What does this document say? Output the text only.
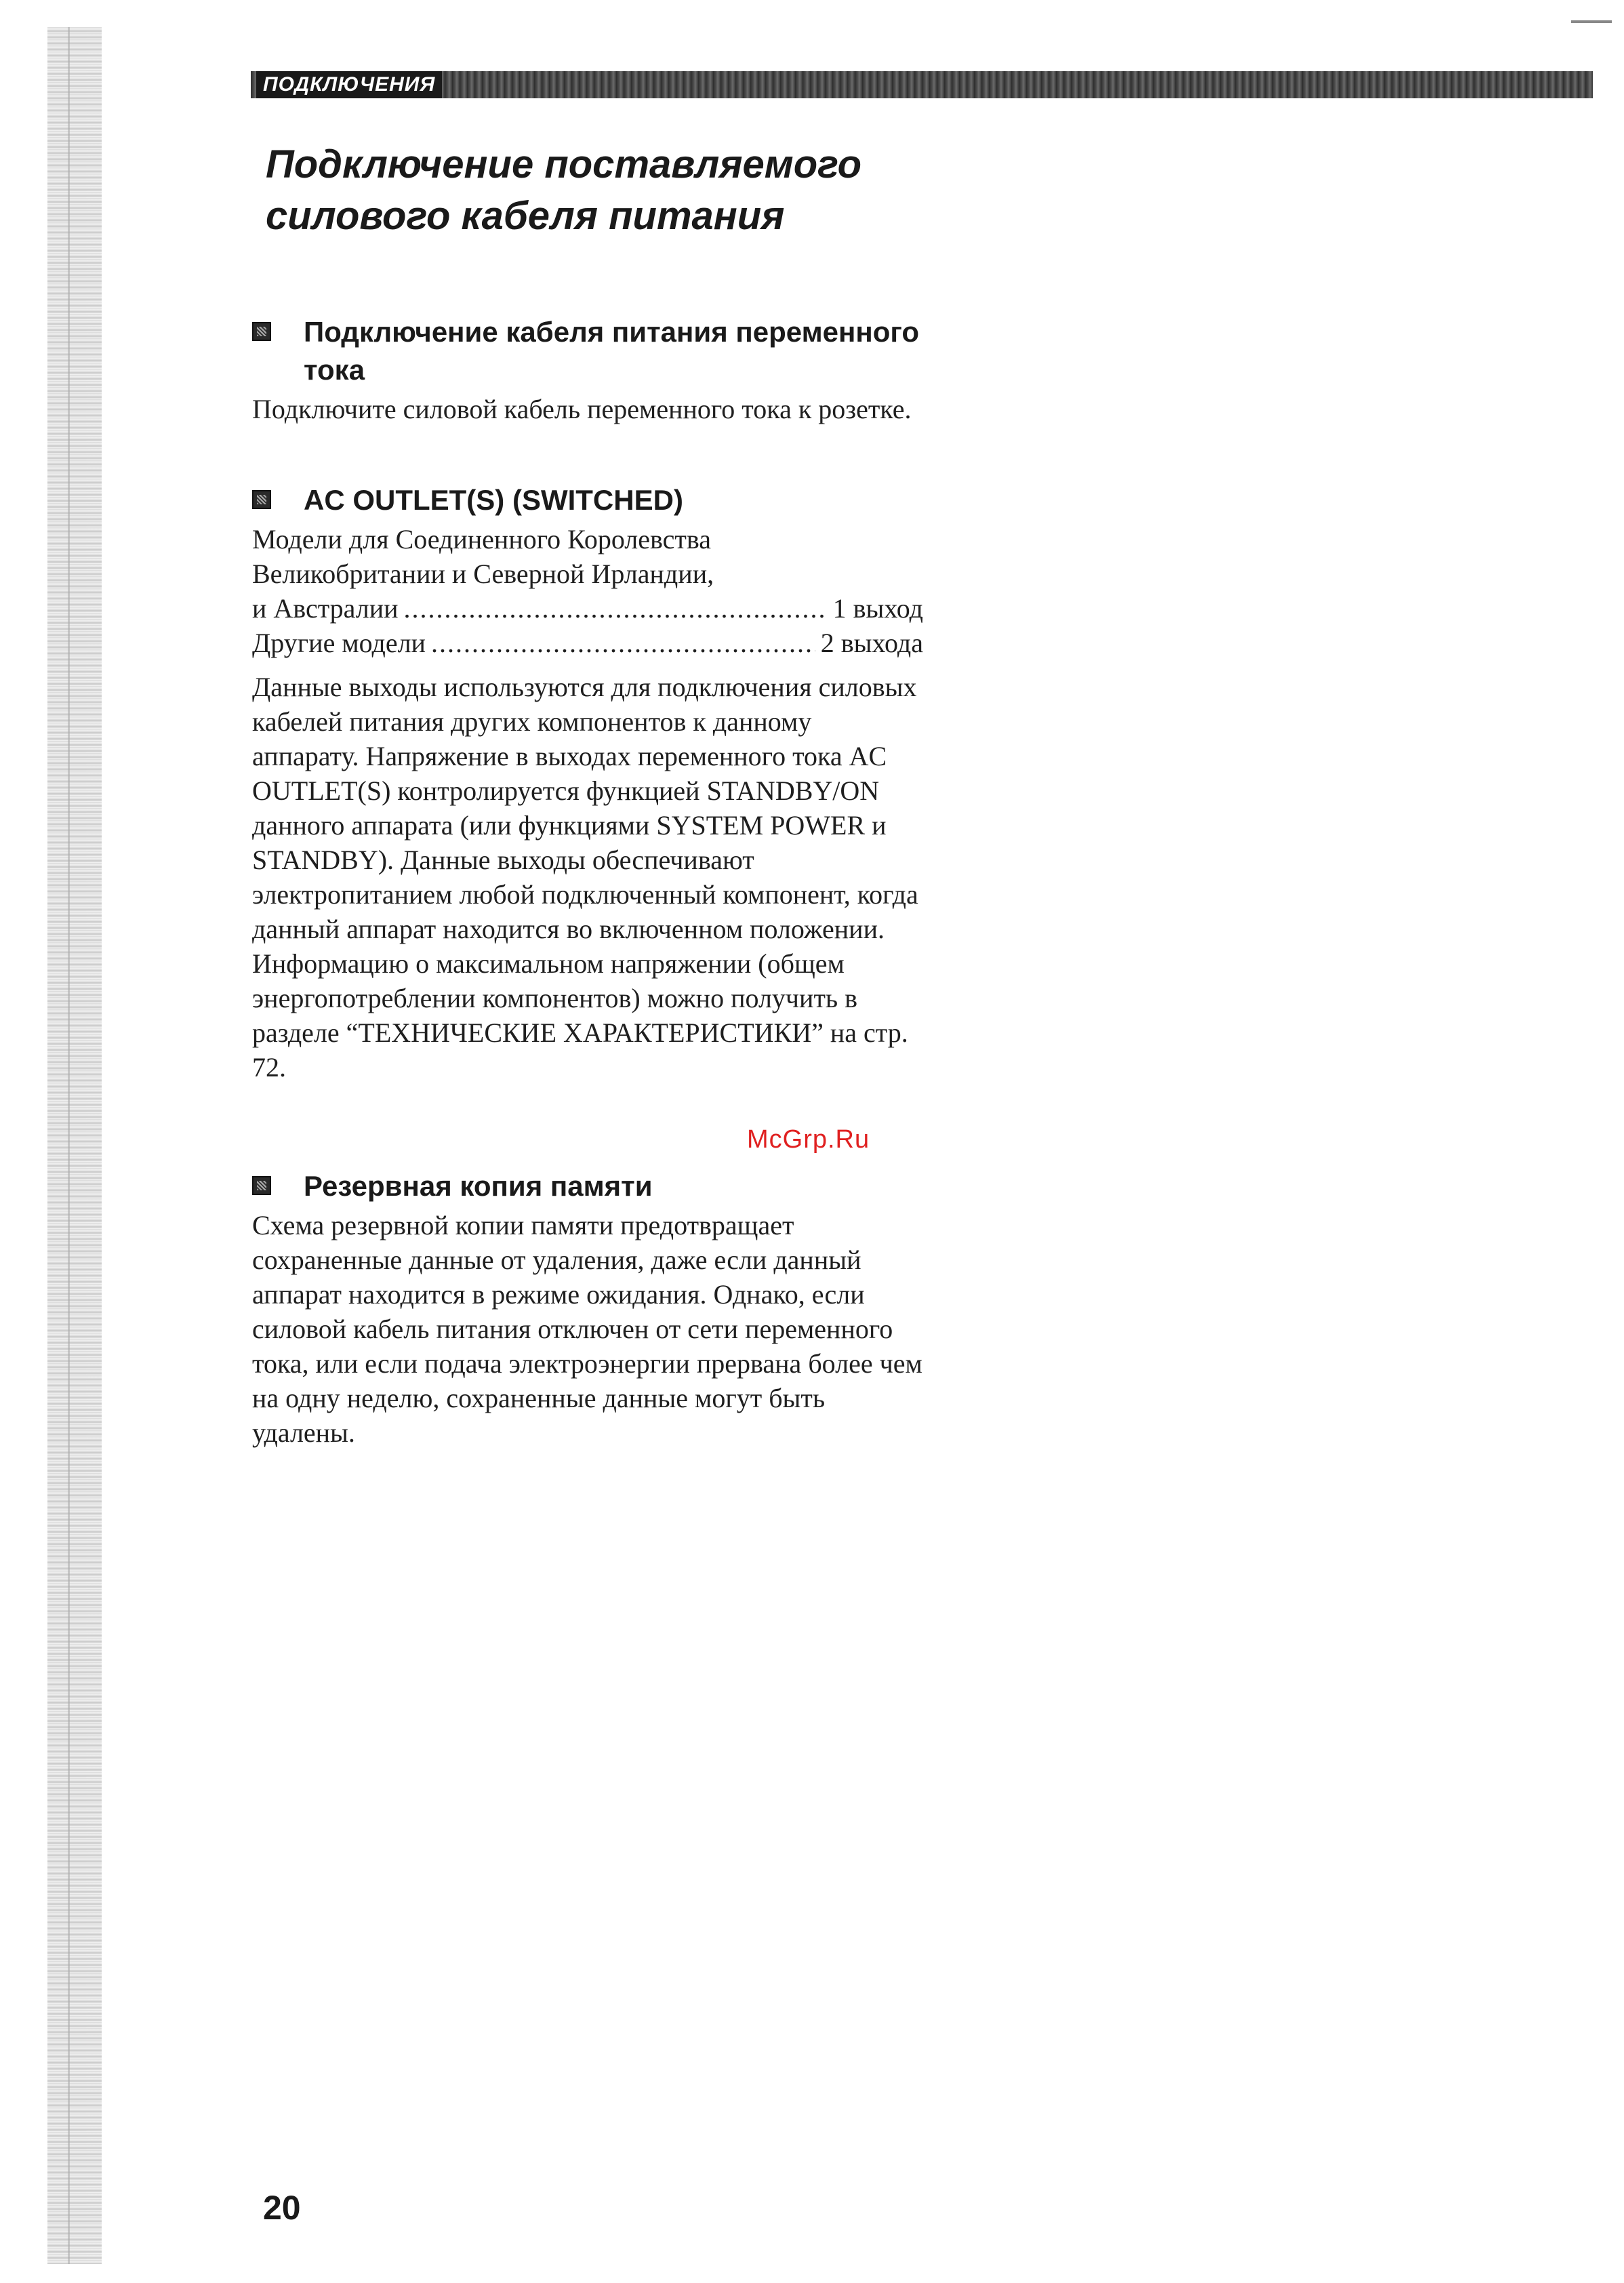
ПОДКЛЮЧЕНИЯ
Подключение поставляемого силового кабеля питания
Подключение кабеля питания переменного тока

Подключите силовой кабель переменного тока к розетке.

AC OUTLET(S) (SWITCHED)

Модели для Соединенного Королевства

Великобритании и Северной Ирландии,

и Австралии .....	1 выход
Другие модели .....	2 выхода

Данные выходы используются для подключения силовых кабелей питания других компонентов к данному аппарату. Напряжение в выходах переменного тока AC OUTLET(S) контролируется функцией STANDBY/ON данного аппарата (или функциями SYSTEM POWER и STANDBY). Данные выходы обеспечивают электропитанием любой подключенный компонент, когда данный аппарат находится во включенном положении. Информацию о максимальном напряжении (общем энергопотреблении компонентов) можно получить в разделе “ТЕХНИЧЕСКИЕ ХАРАКТЕРИСТИКИ” на стр. 72.

Резервная копия памяти

Схема резервной копии памяти предотвращает сохраненные данные от удаления, даже если данный аппарат находится в режиме ожидания. Однако, если силовой кабель питания отключен от сети переменного тока, или если подача электроэнергии прервана более чем на одну неделю, сохраненные данные могут быть удалены.

McGrp.Ru
20
